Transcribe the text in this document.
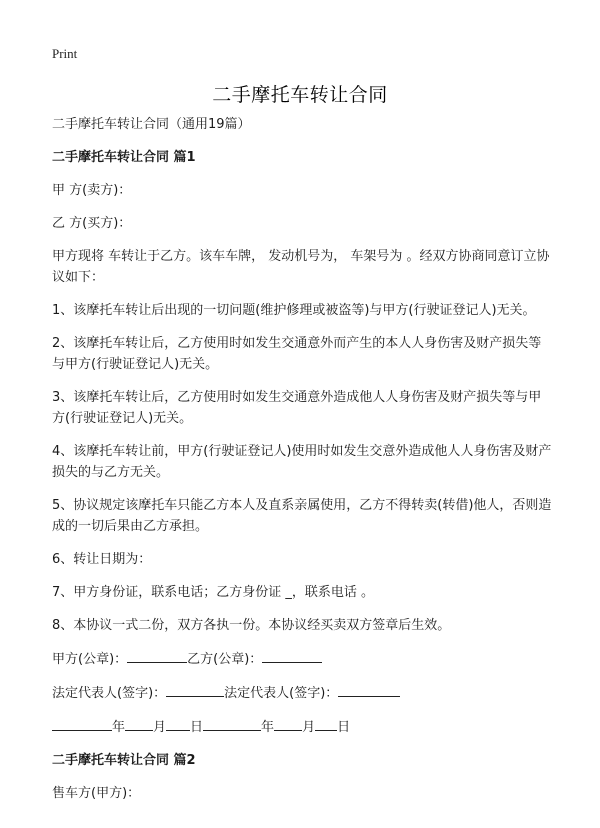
Print
二手摩托车转让合同

二手摩托车转让合同（通用19篇）

二手摩托车转让合同 篇1

甲 方(卖方)：

乙 方(买方)：

甲方现将 车转让于乙方。该车车牌， 发动机号为， 车架号为 。经双方协商同意订立协议如下：

1、该摩托车转让后出现的一切问题(维护修理或被盗等)与甲方(行驶证登记人)无关。

2、该摩托车转让后，乙方使用时如发生交通意外而产生的本人人身伤害及财产损失等与甲方(行驶证登记人)无关。

3、该摩托车转让后，乙方使用时如发生交通意外造成他人人身伤害及财产损失等与甲方(行驶证登记人)无关。

4、该摩托车转让前，甲方(行驶证登记人)使用时如发生交意外造成他人人身伤害及财产损失的与乙方无关。

5、协议规定该摩托车只能乙方本人及直系亲属使用，乙方不得转卖(转借)他人，否则造成的一切后果由乙方承担。

6、转让日期为：

7、甲方身份证，联系电话；乙方身份证 _，联系电话 。

8、本协议一式二份，双方各执一份。本协议经买卖双方签章后生效。

甲方(公章)：	乙方(公章)：

法定代表人(签字)：	法定代表人(签字)：

年 月 日	年 月 日

二手摩托车转让合同 篇2

售车方(甲方)：
